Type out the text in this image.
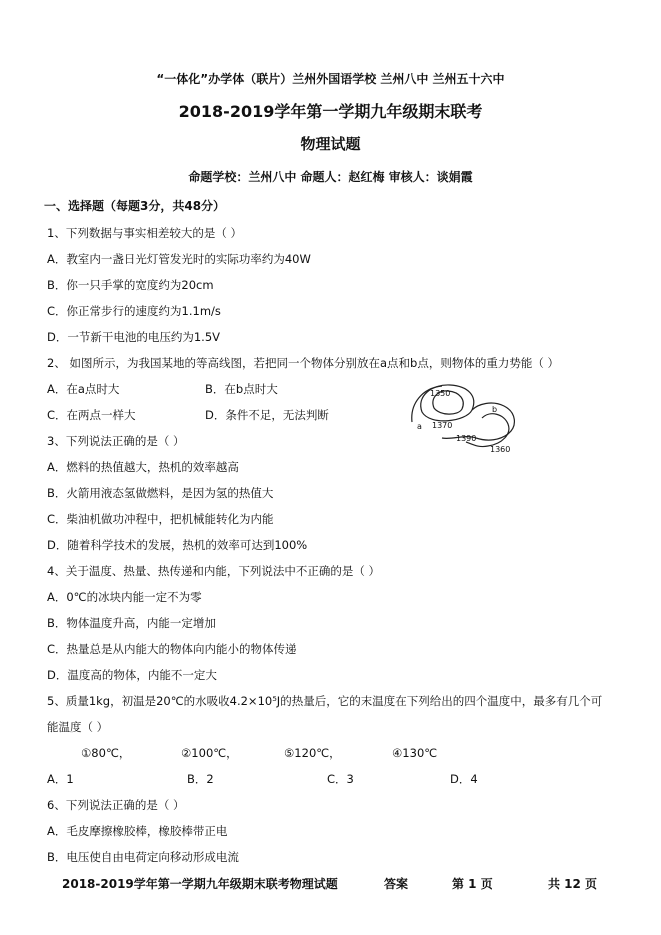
“一体化”办学体（联片）兰州外国语学校 兰州八中 兰州五十六中
2018-2019学年第一学期九年级期末联考
物理试题
命题学校：兰州八中 命题人：赵红梅 审核人：谈娟霞
一、选择题（每题3分，共48分）
1、下列数据与事实相差较大的是（ ）
A．教室内一盏日光灯管发光时的实际功率约为40W
B．你一只手掌的宽度约为20cm
C．你正常步行的速度约为1.1m/s
D．一节新干电池的电压约为1.5V
2、 如图所示，为我国某地的等高线图，若把同一个物体分别放在a点和b点，则物体的重力势能（ ）
A．在a点时大	B．在b点时大
C．在两点一样大	D．条件不足，无法判断
1350
a 1370
b
1390
1360
3、下列说法正确的是（ ）
A．燃料的热值越大，热机的效率越高
B．火箭用液态氢做燃料，是因为氢的热值大
C．柴油机做功冲程中，把机械能转化为内能
D．随着科学技术的发展，热机的效率可达到100%
4、关于温度、热量、热传递和内能，下列说法中不正确的是（ ）
A．0℃的冰块内能一定不为零
B．物体温度升高，内能一定增加
C．热量总是从内能大的物体向内能小的物体传递
D．温度高的物体，内能不一定大
5、质量1kg，初温是20℃的水吸收4.2×10⁵J的热量后，它的末温度在下列给出的四个温度中，最多有几个可
能温度（ ）
①80℃，	②100℃，	⑤120℃，	④130℃
A．1	B．2	C．3	D．4
6、下列说法正确的是（ ）
A．毛皮摩擦橡胶棒，橡胶棒带正电
B．电压使自由电荷定向移动形成电流
2018-2019学年第一学期九年级期末联考物理试题	答案	第 1 页	共 12 页
